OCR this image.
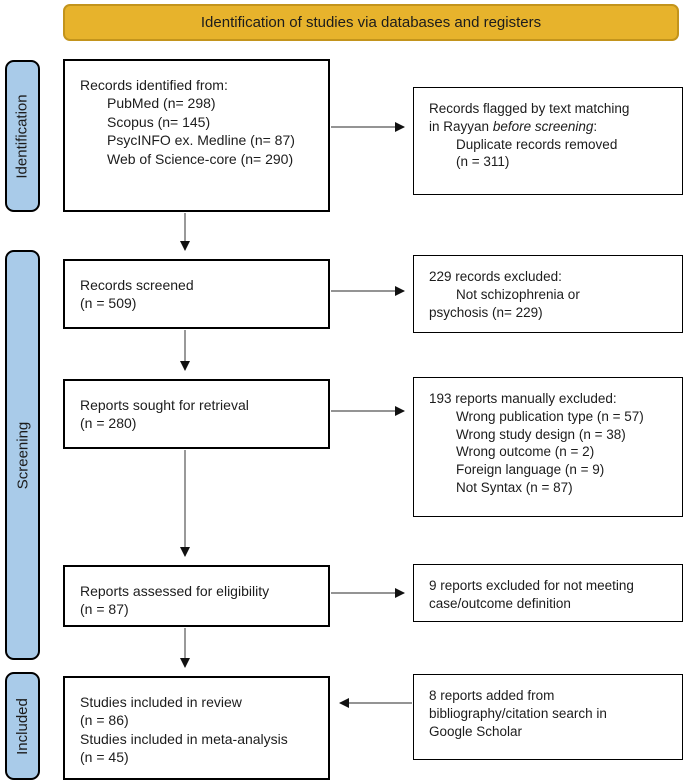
Identification of studies via databases and registers
Identification
Screening
Included
Records identified from:
PubMed (n= 298)
Scopus (n= 145)
PsycINFO ex. Medline (n= 87)
Web of Science-core (n= 290)
Records screened
(n = 509)
Reports sought for retrieval
(n = 280)
Reports assessed for eligibility
(n = 87)
Studies included in review
(n = 86)
Studies included in meta-analysis
(n = 45)
Records flagged by text matching
in Rayyan before screening:
Duplicate records removed
(n = 311)
229 records excluded:
Not schizophrenia or
psychosis (n= 229)
193 reports manually excluded:
Wrong publication type (n = 57)
Wrong study design (n = 38)
Wrong outcome (n = 2)
Foreign language (n = 9)
Not Syntax (n = 87)
9 reports excluded for not meeting
case/outcome definition
8 reports added from
bibliography/citation search in
Google Scholar
